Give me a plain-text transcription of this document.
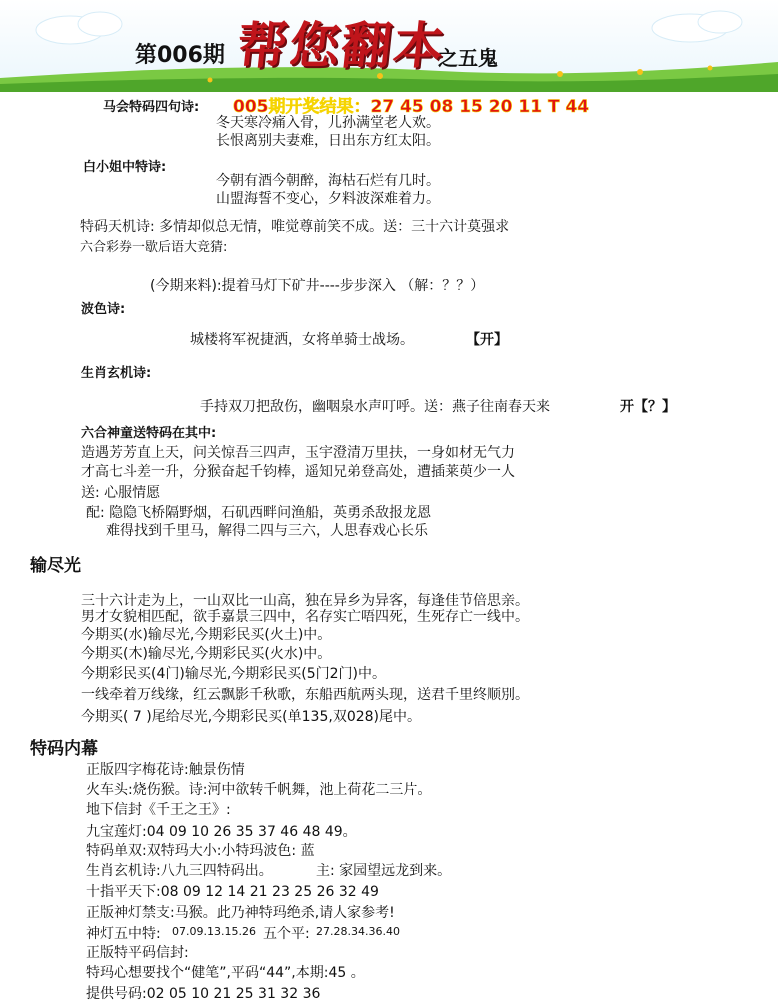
第006期 帮您翻本
之五鬼
005期开奖结果：27 45 08 15 20 11 T 44
马会特码四句诗:
冬天寒冷痛入骨，儿孙满堂老人欢。
长恨离别夫妻难，日出东方红太阳。
白小姐中特诗:
今朝有酒今朝醉，海枯石烂有几时。
山盟海誓不变心，夕料波深难着力。
特码天机诗: 多情却似总无情，唯觉尊前笑不成。送：三十六计莫强求
六合彩券一歇后语大竞猜:
(今期来料):提着马灯下矿井----步步深入 （解：？？）
波色诗:
城楼将军祝捷洒，女将单骑士战场。	【开】
生肖玄机诗:
手持双刀把敌伤，幽咽泉水声叮呼。送：燕子往南春天来	开【？】
六合神童送特码在其中:
造遇芳芳直上天，问关惊吾三四声，玉宇澄清万里扶，一身如材无气力
才高七斗差一升，分猴奋起千钧棒，遥知兄弟登高处，遭插莱萸少一人
送: 心服情愿
配: 隐隐飞桥隔野烟，石矶西畔问渔船，英勇杀敌报龙恩
难得找到千里马，解得二四与三六，人思春戏心长乐
输尽光
三十六计走为上，一山双比一山高，独在异乡为异客，每逢佳节倍思亲。
男才女貌相匹配，欲手嘉景三四中，名存实亡唔四死，生死存亡一线中。
今期买(水)输尽光,今期彩民买(火土)中。
今期买(木)输尽光,今期彩民买(火水)中。
今期彩民买(4门)输尽光,今期彩民买(5门2门)中。
一线牵着万线缘，红云飘影千秋歌，东船西航两头现，送君千里终顺別。
今期买( 7 )尾给尽光,今期彩民买(单135,双028)尾中。
特码内幕
正版四字梅花诗:触景伤情
火车头:烧伤猴。诗:河中欲转千帆舞，池上荷花二三片。
地下信封《千王之王》:
九宝莲灯:04 09 10 26 35 37 46 48 49。
特码单双:双特玛大小:小特玛波色: 蓝
生肖玄机诗:八九三四特码出。	主: 家园望远龙到来。
十指平天下:08 09 12 14 21 23 25 26 32 49
正版神灯禁支:马猴。此乃神特玛绝杀,请人家参考!
神灯五中特: 07.09.13.15.26 五个平: 27.28.34.36.40
正版特平码信封:
特玛心想要找个“健笔”,平码“44”,本期:45 。
提供号码:02 05 10 21 25 31 32 36
